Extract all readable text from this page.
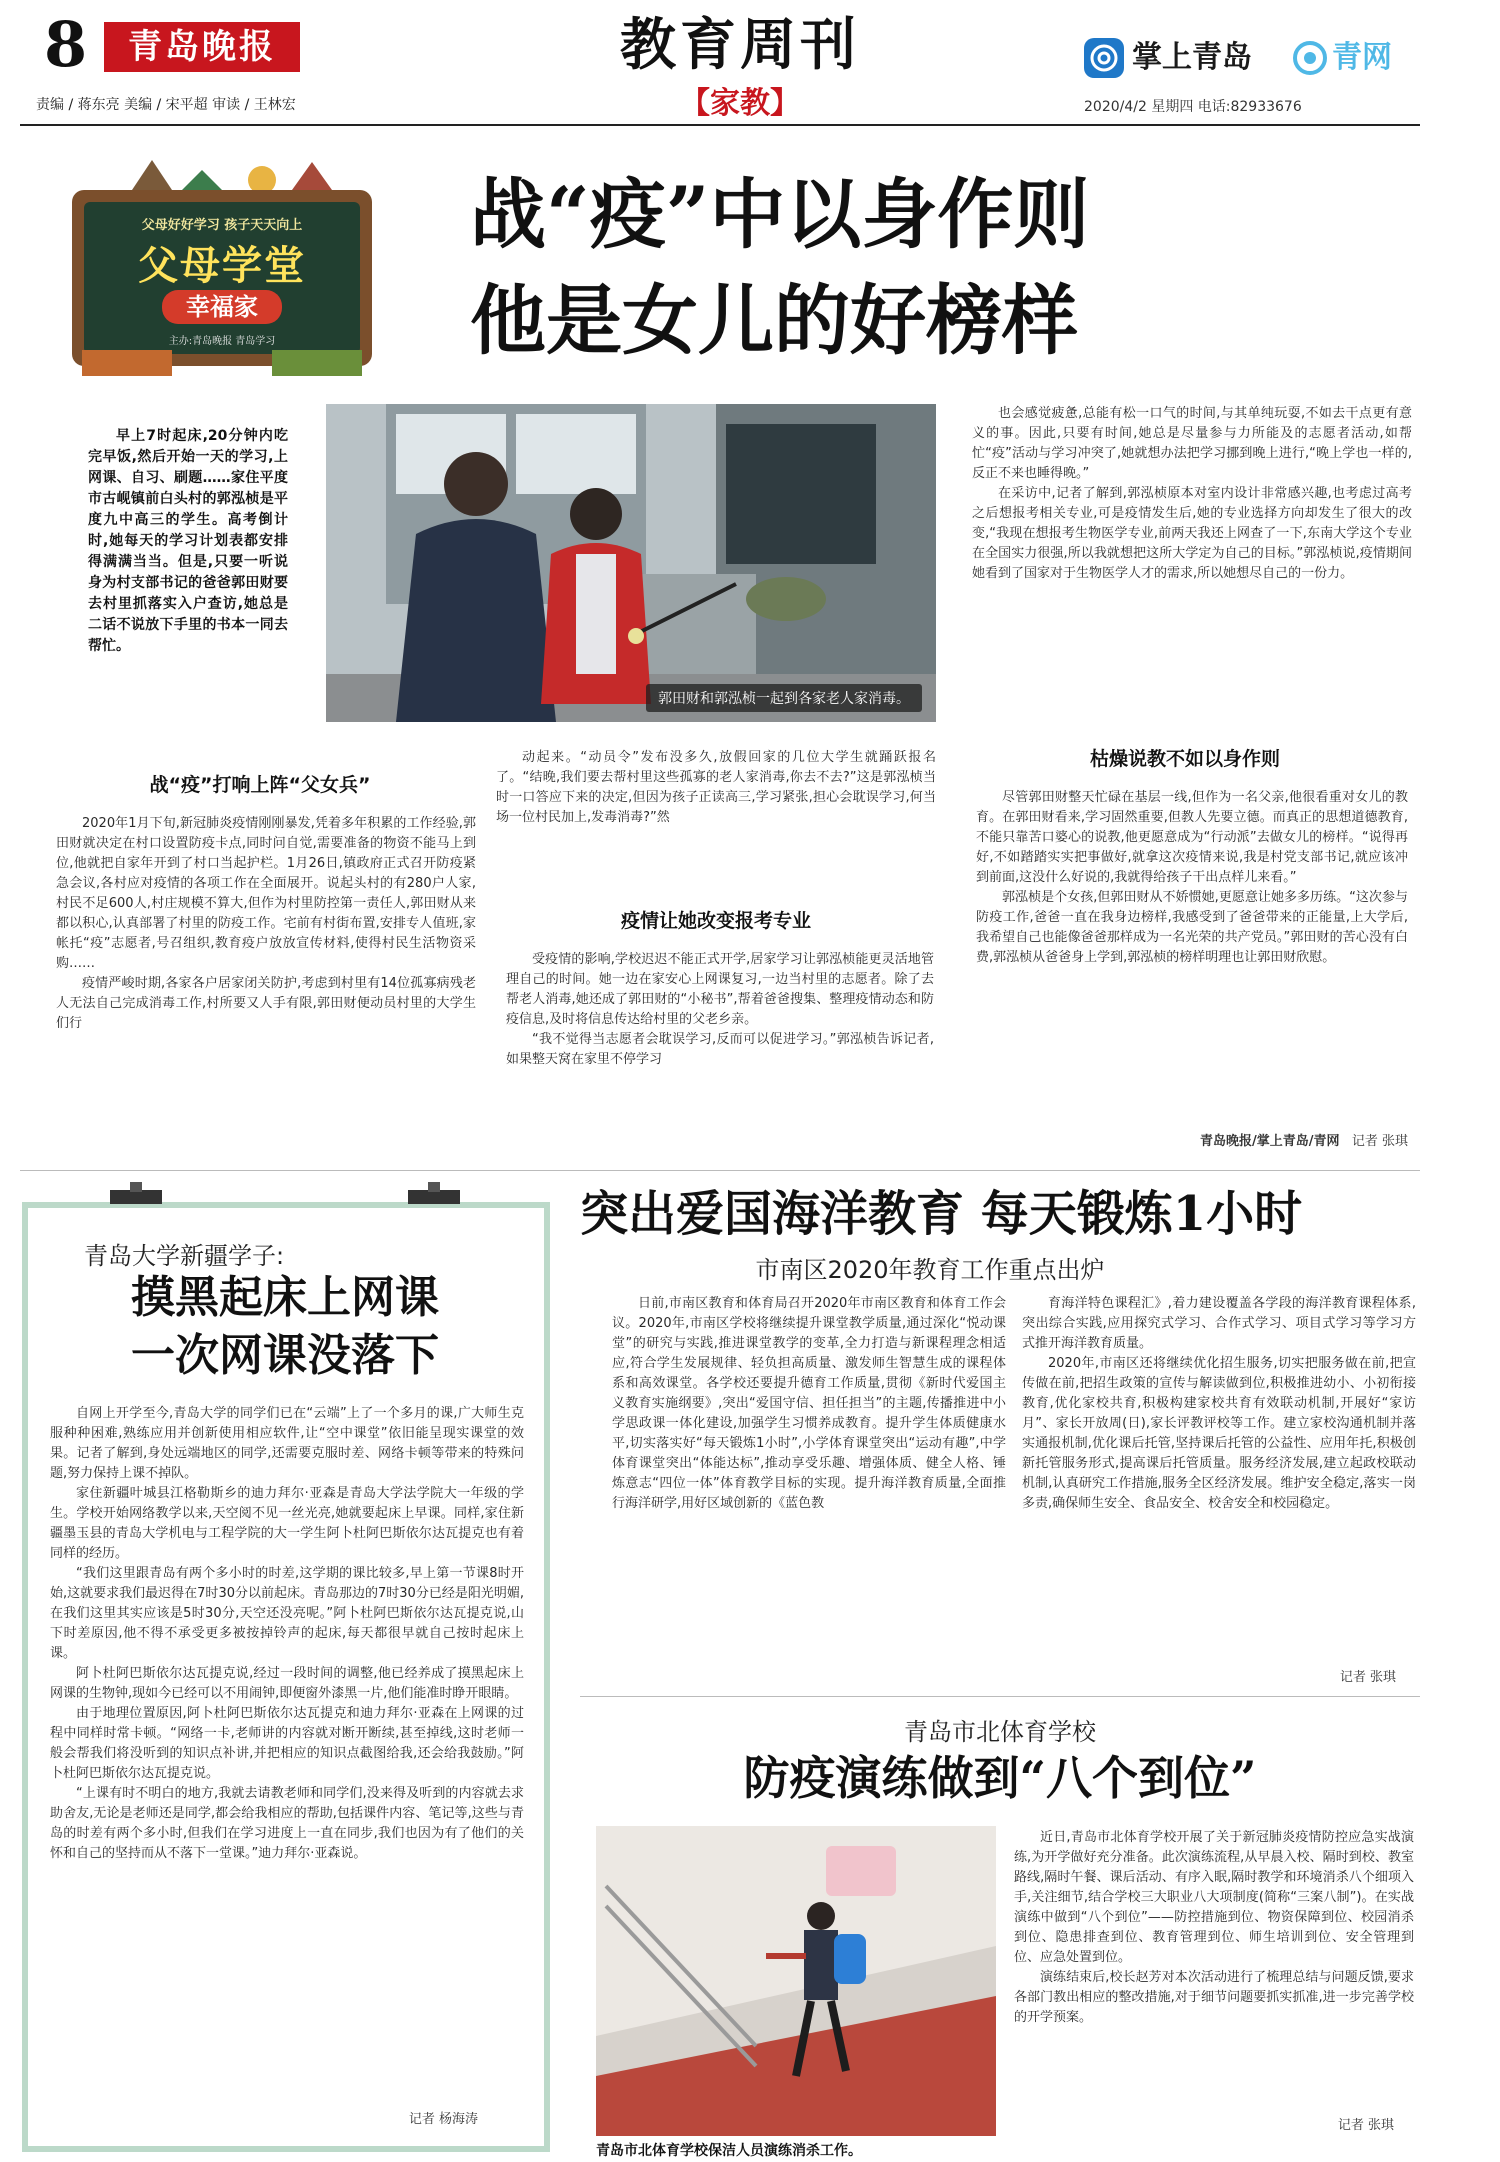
8	青岛晚报
责编 / 蒋东亮 美编 / 宋平超 审读 / 王林宏
教育周刊
【家教】
掌上青岛	青网
2020/4/2 星期四 电话:82933676
父母好好学习 孩子天天向上
父母学堂
幸福家
主办:青岛晚报 青岛学习
战“疫”中以身作则
他是女儿的好榜样

早上7时起床,20分钟内吃完早饭,然后开始一天的学习,上网课、自习、刷题……家住平度市古岘镇前白头村的郭泓桢是平度九中高三的学生。高考倒计时,她每天的学习计划表都安排得满满当当。但是,只要一听说身为村支部书记的爸爸郭田财要去村里抓落实入户查访,她总是二话不说放下手里的书本一同去帮忙。

郭田财和郭泓桢一起到各家老人家消毒。

也会感觉疲惫,总能有松一口气的时间,与其单纯玩耍,不如去干点更有意义的事。因此,只要有时间,她总是尽量参与力所能及的志愿者活动,如帮忙“疫”活动与学习冲突了,她就想办法把学习挪到晚上进行,“晚上学也一样的,反正不来也睡得晚。”

在采访中,记者了解到,郭泓桢原本对室内设计非常感兴趣,也考虑过高考之后想报考相关专业,可是疫情发生后,她的专业选择方向却发生了很大的改变,“我现在想报考生物医学专业,前两天我还上网查了一下,东南大学这个专业在全国实力很强,所以我就想把这所大学定为自己的目标。”郭泓桢说,疫情期间她看到了国家对于生物医学人才的需求,所以她想尽自己的一份力。

战“疫”打响上阵“父女兵”

2020年1月下旬,新冠肺炎疫情刚刚暴发,凭着多年积累的工作经验,郭田财就决定在村口设置防疫卡点,同时问自觉,需要准备的物资不能马上到位,他就把自家年开到了村口当起护栏。1月26日,镇政府正式召开防疫紧急会议,各村应对疫情的各项工作在全面展开。说起头村的有280户人家,村民不足600人,村庄规模不算大,但作为村里防控第一责任人,郭田财从来都以积心,认真部署了村里的防疫工作。宅前有村街布置,安排专人值班,家帐托“疫”志愿者,号召组织,教育疫户放放宣传材料,使得村民生活物资采购……

疫情严峻时期,各家各户居家闭关防护,考虑到村里有14位孤寡病残老人无法自己完成消毒工作,村所要又人手有限,郭田财便动员村里的大学生们行

动起来。“动员令”发布没多久,放假回家的几位大学生就踊跃报名了。“结晚,我们要去帮村里这些孤寡的老人家消毒,你去不去?”这是郭泓桢当时一口答应下来的决定,但因为孩子正读高三,学习紧张,担心会耽误学习,何当场一位村民加上,发毒消毒?”然

疫情让她改变报考专业

受疫情的影响,学校迟迟不能正式开学,居家学习让郭泓桢能更灵活地管理自己的时间。她一边在家安心上网课复习,一边当村里的志愿者。除了去帮老人消毒,她还成了郭田财的“小秘书”,帮着爸爸搜集、整理疫情动态和防疫信息,及时将信息传达给村里的父老乡亲。

“我不觉得当志愿者会耽误学习,反而可以促进学习。”郭泓桢告诉记者,如果整天窝在家里不停学习

枯燥说教不如以身作则

尽管郭田财整天忙碌在基层一线,但作为一名父亲,他很看重对女儿的教育。在郭田财看来,学习固然重要,但教人先要立德。而真正的思想道德教育,不能只靠苦口婆心的说教,他更愿意成为“行动派”去做女儿的榜样。“说得再好,不如踏踏实实把事做好,就拿这次疫情来说,我是村党支部书记,就应该冲到前面,这没什么好说的,我就得给孩子干出点样儿来看。”

郭泓桢是个女孩,但郭田财从不娇惯她,更愿意让她多多历练。“这次参与防疫工作,爸爸一直在我身边榜样,我感受到了爸爸带来的正能量,上大学后,我希望自己也能像爸爸那样成为一名光荣的共产党员。”郭田财的苦心没有白费,郭泓桢从爸爸身上学到,郭泓桢的榜样明理也让郭田财欣慰。

青岛晚报/掌上青岛/青网 记者 张琪
青岛大学新疆学子:
摸黑起床上网课
一次网课没落下

自网上开学至今,青岛大学的同学们已在“云端”上了一个多月的课,广大师生克服种种困难,熟练应用并创新使用相应软件,让“空中课堂”依旧能呈现实课堂的效果。记者了解到,身处远端地区的同学,还需要克服时差、网络卡顿等带来的特殊问题,努力保持上课不掉队。

家住新疆叶城县江格勒斯乡的迪力拜尔·亚森是青岛大学法学院大一年级的学生。学校开始网络教学以来,天空阅不见一丝光亮,她就要起床上早课。同样,家住新疆墨玉县的青岛大学机电与工程学院的大一学生阿卜杜阿巴斯依尔达瓦提克也有着同样的经历。

“我们这里跟青岛有两个多小时的时差,这学期的课比较多,早上第一节课8时开始,这就要求我们最迟得在7时30分以前起床。青岛那边的7时30分已经是阳光明媚,在我们这里其实应该是5时30分,天空还没亮呢。”阿卜杜阿巴斯依尔达瓦提克说,山下时差原因,他不得不承受更多被按掉铃声的起床,每天都很早就自己按时起床上课。

阿卜杜阿巴斯依尔达瓦提克说,经过一段时间的调整,他已经养成了摸黑起床上网课的生物钟,现如今已经可以不用闹钟,即便窗外漆黑一片,他们能准时睁开眼睛。

由于地理位置原因,阿卜杜阿巴斯依尔达瓦提克和迪力拜尔·亚森在上网课的过程中同样时常卡顿。“网络一卡,老师讲的内容就对断开断续,甚至掉线,这时老师一般会帮我们将没听到的知识点补讲,并把相应的知识点截图给我,还会给我鼓励。”阿卜杜阿巴斯依尔达瓦提克说。

“上课有时不明白的地方,我就去请教老师和同学们,没来得及听到的内容就去求助舍友,无论是老师还是同学,都会给我相应的帮助,包括课件内容、笔记等,这些与青岛的时差有两个多小时,但我们在学习进度上一直在同步,我们也因为有了他们的关怀和自己的坚持而从不落下一堂课。”迪力拜尔·亚森说。

记者 杨海涛
突出爱国海洋教育 每天锻炼1小时
市南区2020年教育工作重点出炉

日前,市南区教育和体育局召开2020年市南区教育和体育工作会议。2020年,市南区学校将继续提升课堂教学质量,通过深化“悦动课堂”的研究与实践,推进课堂教学的变革,全力打造与新课程理念相适应,符合学生发展规律、轻负担高质量、激发师生智慧生成的课程体系和高效课堂。各学校还要提升德育工作质量,贯彻《新时代爱国主义教育实施纲要》,突出“爱国守信、担任担当”的主题,传播推进中小学思政课一体化建设,加强学生习惯养成教育。提升学生体质健康水平,切实落实好“每天锻炼1小时”,小学体育课堂突出“运动有趣”,中学体育课堂突出“体能达标”,推动享受乐趣、增强体质、健全人格、锤炼意志“四位一体”体育教学目标的实现。提升海洋教育质量,全面推行海洋研学,用好区域创新的《蓝色教

育海洋特色课程汇》,着力建设覆盖各学段的海洋教育课程体系,突出综合实践,应用探究式学习、合作式学习、项目式学习等学习方式推开海洋教育质量。

2020年,市南区还将继续优化招生服务,切实把服务做在前,把宣传做在前,把招生政策的宣传与解读做到位,积极推进幼小、小初衔接教育,优化家校共育,积极构建家校共育有效联动机制,开展好“家访月”、家长开放周(日),家长评教评校等工作。建立家校沟通机制并落实通报机制,优化课后托管,坚持课后托管的公益性、应用年托,积极创新托管服务形式,提高课后托管质量。服务经济发展,建立起政校联动机制,认真研究工作措施,服务全区经济发展。维护安全稳定,落实一岗多责,确保师生安全、食品安全、校舍安全和校园稳定。

记者 张琪
青岛市北体育学校
防疫演练做到“八个到位”
青岛市北体育学校保洁人员演练消杀工作。

近日,青岛市北体育学校开展了关于新冠肺炎疫情防控应急实战演练,为开学做好充分准备。此次演练流程,从早晨入校、隔时到校、教室路线,隔时午餐、课后活动、有序入眠,隔时教学和环境消杀八个细项入手,关注细节,结合学校三大职业八大项制度(简称“三案八制”)。在实战演练中做到“八个到位”——防控措施到位、物资保障到位、校园消杀到位、隐患排查到位、教育管理到位、师生培训到位、安全管理到位、应急处置到位。

演练结束后,校长赵芳对本次活动进行了梳理总结与问题反馈,要求各部门教出相应的整改措施,对于细节问题要抓实抓准,进一步完善学校的开学预案。

记者 张琪
